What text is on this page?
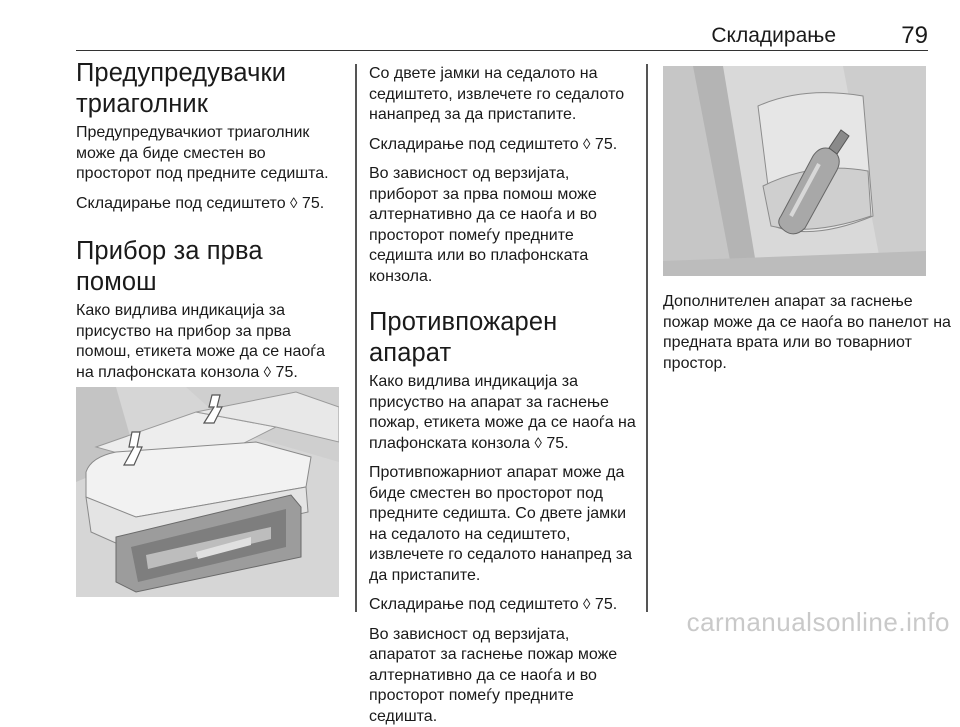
Складирање	79
Предупредувачки триаголник

Предупредувачкиот триаголник може да биде сместен во просторот под предните седишта.

Складирање под седиштето ◊ 75.

Прибор за прва помош

Како видлива индикација за присуство на прибор за прва помош, етикета може да се наоѓа на плафонската конзола ◊ 75.

Со двете јамки на седалото на седиштето, извлечете го седалото нанапред за да пристапите.

Складирање под седиштето ◊ 75.

Во зависност од верзијата, приборот за прва помош може алтернативно да се наоѓа и во просторот помеѓу предните седишта или во плафонската конзола.

Противпожарен апарат

Како видлива индикација за присуство на апарат за гаснење пожар, етикета може да се наоѓа на плафонската конзола ◊ 75.

Противпожарниот апарат може да биде сместен во просторот под предните седишта. Со двете јамки на седалото на седиштето, извлечете го седалото нанапред за да пристапите.

Складирање под седиштето ◊ 75.

Во зависност од верзијата, апаратот за гаснење пожар може алтернативно да се наоѓа и во просторот помеѓу предните седишта.

Дополнителен апарат за гаснење пожар може да се наоѓа во панелот на предната врата или во товарниот простор.

carmanualsonline.info
